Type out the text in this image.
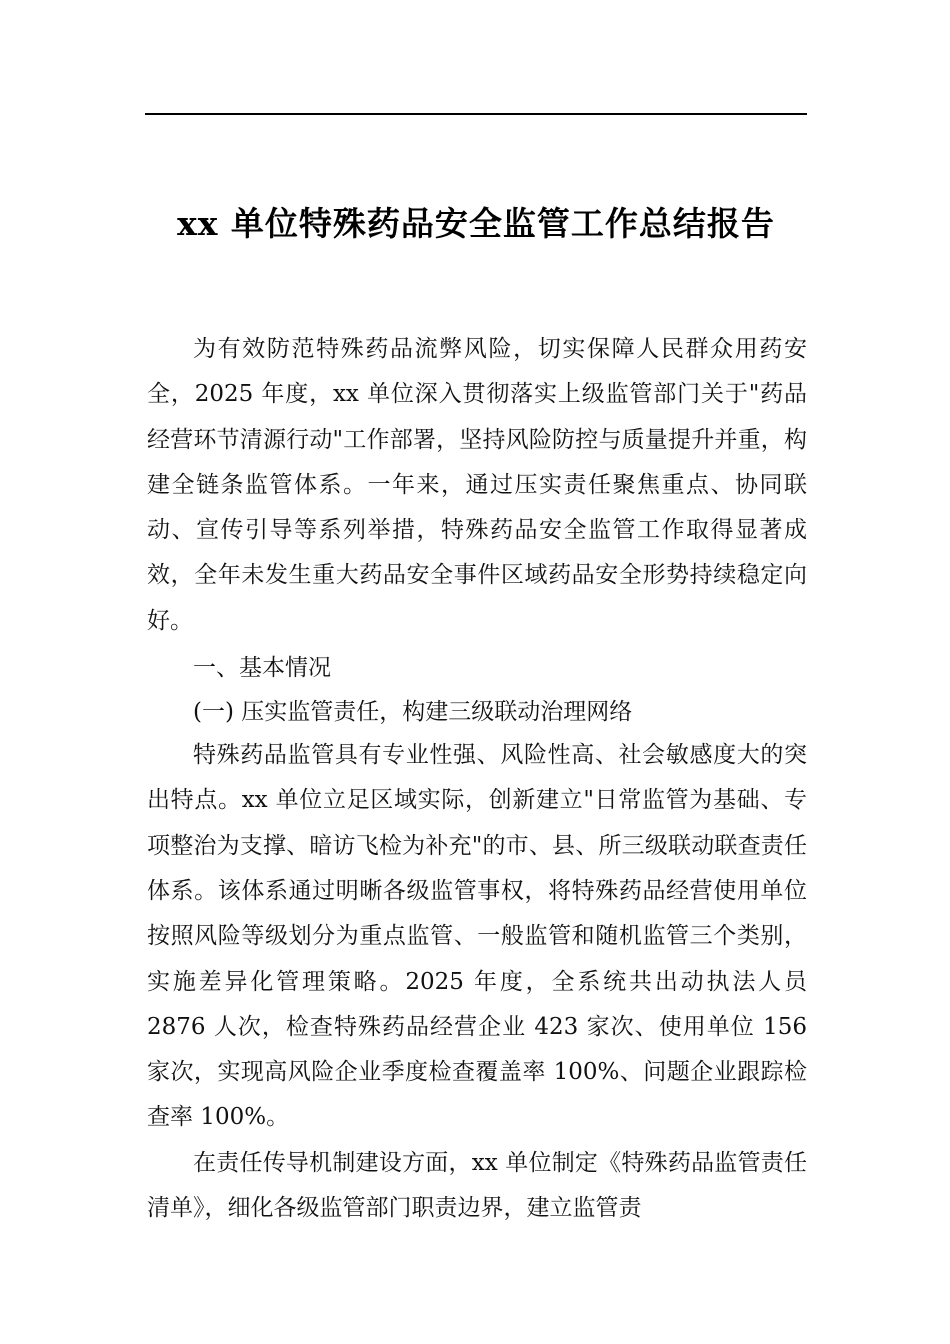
xx 单位特殊药品安全监管工作总结报告

为有效防范特殊药品流弊风险，切实保障人民群众用药安全，2025 年度，xx 单位深入贯彻落实上级监管部门关于"药品经营环节清源行动"工作部署，坚持风险防控与质量提升并重，构建全链条监管体系。一年来，通过压实责任聚焦重点、协同联动、宣传引导等系列举措，特殊药品安全监管工作取得显著成效，全年未发生重大药品安全事件区域药品安全形势持续稳定向好。

一、基本情况

(一) 压实监管责任，构建三级联动治理网络

特殊药品监管具有专业性强、风险性高、社会敏感度大的突出特点。xx 单位立足区域实际，创新建立"日常监管为基础、专项整治为支撑、暗访飞检为补充"的市、县、所三级联动联查责任体系。该体系通过明晰各级监管事权，将特殊药品经营使用单位按照风险等级划分为重点监管、一般监管和随机监管三个类别，实施差异化管理策略。2025 年度，全系统共出动执法人员 2876 人次，检查特殊药品经营企业 423 家次、使用单位 156 家次，实现高风险企业季度检查覆盖率 100%、问题企业跟踪检查率 100%。

在责任传导机制建设方面，xx 单位制定《特殊药品监管责任清单》，细化各级监管部门职责边界，建立监管责
